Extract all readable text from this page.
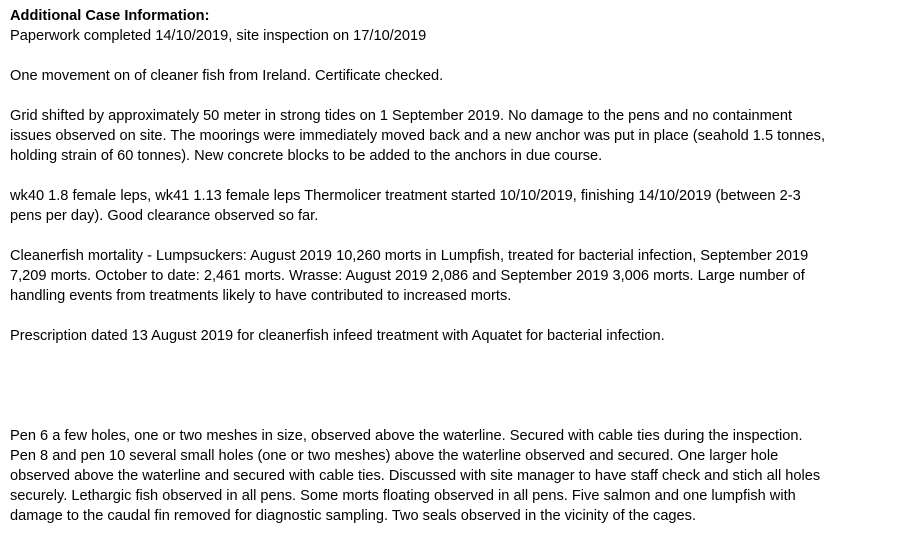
Additional Case Information:

Paperwork completed 14/10/2019, site inspection on 17/10/2019

One movement on of cleaner fish from Ireland. Certificate checked.

Grid shifted by approximately 50 meter in strong tides on 1 September 2019. No damage to the pens and no containment
issues observed on site. The moorings were immediately moved back and a new anchor was put in place (seahold 1.5 tonnes,
holding strain of 60 tonnes). New concrete blocks to be added to the anchors in due course.

wk40 1.8 female leps, wk41 1.13 female leps Thermolicer treatment started 10/10/2019, finishing 14/10/2019 (between 2-3
pens per day). Good clearance observed so far.

Cleanerfish mortality - Lumpsuckers: August 2019 10,260 morts in Lumpfish, treated for bacterial infection, September 2019
7,209 morts. October to date: 2,461 morts. Wrasse: August 2019 2,086 and September 2019 3,006 morts. Large number of
handling events from treatments likely to have contributed to increased morts.

Prescription dated 13 August 2019 for cleanerfish infeed treatment with Aquatet for bacterial infection.

Pen 6 a few holes, one or two meshes in size, observed above the waterline. Secured with cable ties during the inspection.
Pen 8 and pen 10 several small holes (one or two meshes) above the waterline observed and secured. One larger hole
observed above the waterline and secured with cable ties. Discussed with site manager to have staff check and stich all holes
securely. Lethargic fish observed in all pens. Some morts floating observed in all pens. Five salmon and one lumpfish with
damage to the caudal fin removed for diagnostic sampling. Two seals observed in the vicinity of the cages.
